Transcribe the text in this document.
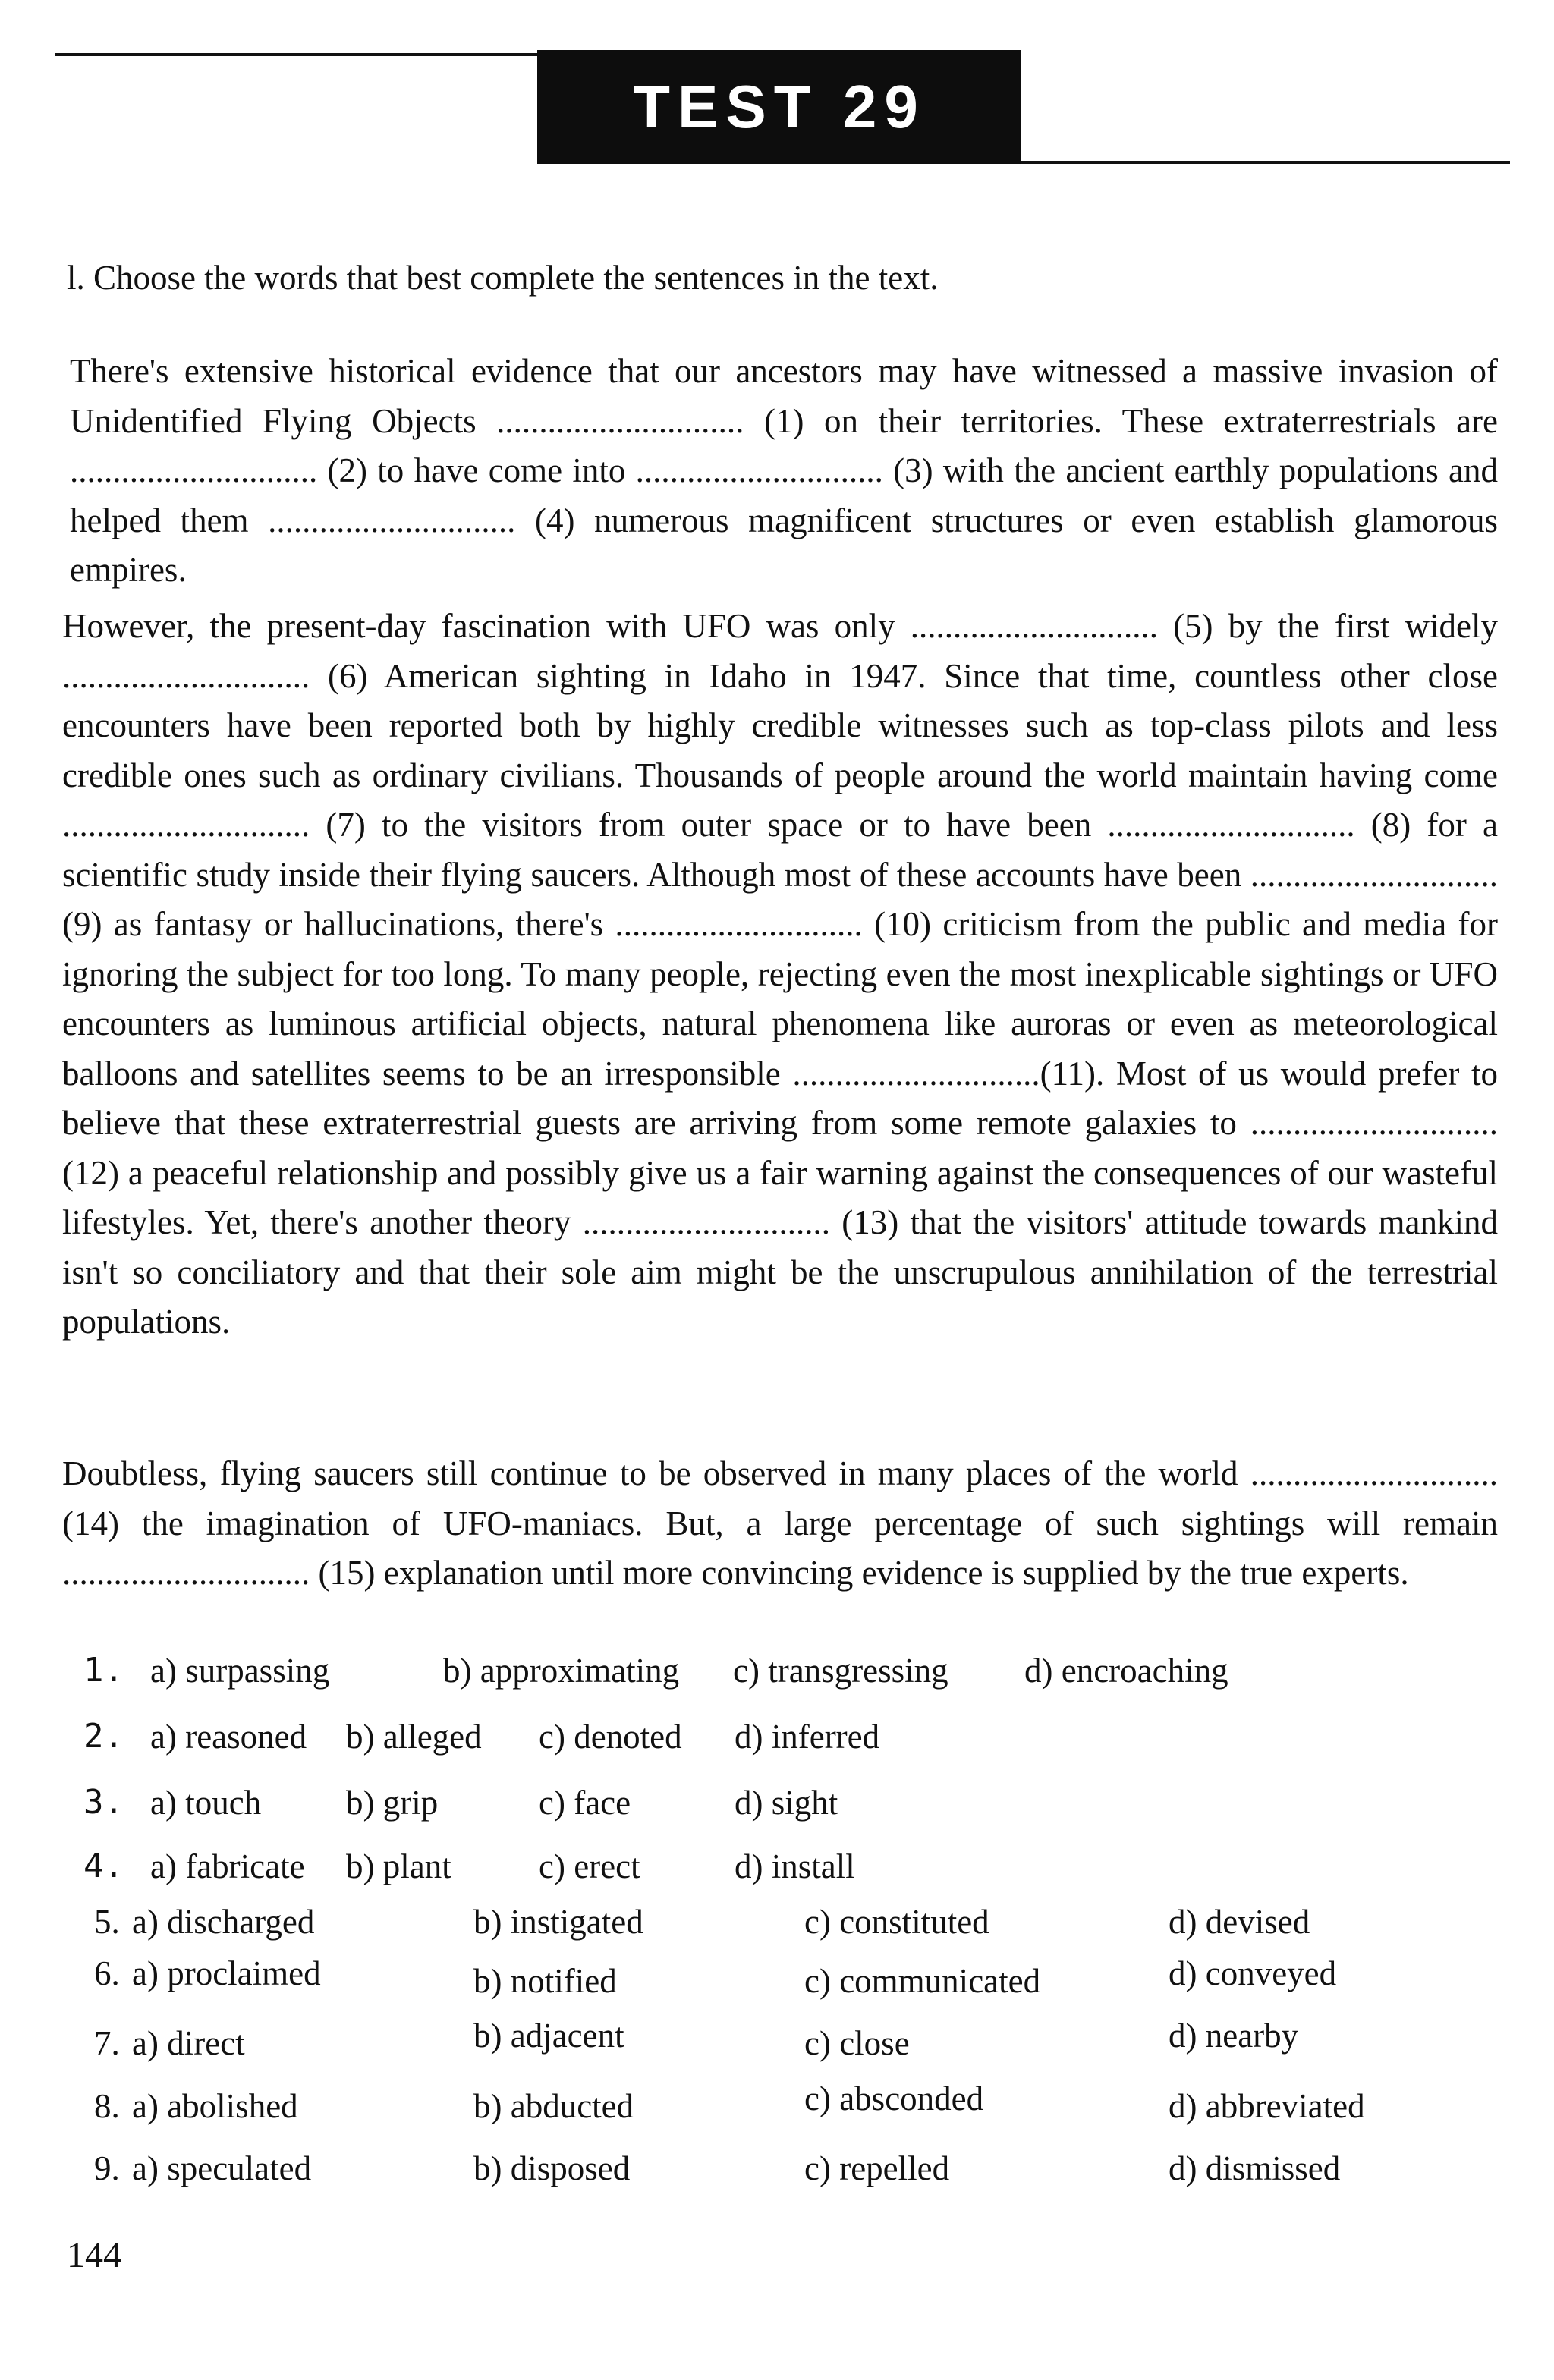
TEST 29
l. Choose the words that best complete the sentences in the text.

There's extensive historical evidence that our ancestors may have witnessed a massive invasion of Unidentified Flying Objects ............................. (1) on their territories. These extraterrestrials are ............................. (2) to have come into ............................. (3) with the ancient earthly populations and helped them ............................. (4) numerous magnificent structures or even establish glamorous empires.

However, the present-day fascination with UFO was only ............................. (5) by the first widely ............................. (6) American sighting in Idaho in 1947. Since that time, countless other close encounters have been reported both by highly credible witnesses such as top-class pilots and less credible ones such as ordinary civilians. Thousands of people around the world maintain having come ............................. (7) to the visitors from outer space or to have been ............................. (8) for a scientific study inside their flying saucers. Although most of these accounts have been ............................. (9) as fantasy or hallucinations, there's ............................. (10) criticism from the public and media for ignoring the subject for too long. To many people, rejecting even the most inexplicable sightings or UFO encounters as luminous artificial objects, natural phenomena like auroras or even as meteorological balloons and satellites seems to be an irresponsible .............................(11). Most of us would prefer to believe that these extraterrestrial guests are arriving from some remote galaxies to ............................. (12) a peaceful relationship and possibly give us a fair warning against the consequences of our wasteful lifestyles. Yet, there's another theory ............................. (13) that the visitors' attitude towards mankind isn't so conciliatory and that their sole aim might be the unscrupulous annihilation of the terrestrial populations.

Doubtless, flying saucers still continue to be observed in many places of the world .............................(14) the imagination of UFO-maniacs. But, a large percentage of such sightings will remain ............................. (15) explanation until more convincing evidence is supplied by the true experts.

1. a) surpassing	b) approximating c) transgressing d) encroaching
2. a) reasoned b) alleged c) denoted d) inferred
3. a) touch b) grip	c) face	d) sight
4. a) fabricate b) plant	c) erect	d) install
5. a) discharged	b) instigated	c) constituted	d) devised
6. a) proclaimed	b) notified	c) communicated	d) conveyed
7. a) direct	b) adjacent	c) close	d) nearby
8. a) abolished	b) abducted	c) absconded	d) abbreviated
9. a) speculated	b) disposed	c) repelled	d) dismissed
144
